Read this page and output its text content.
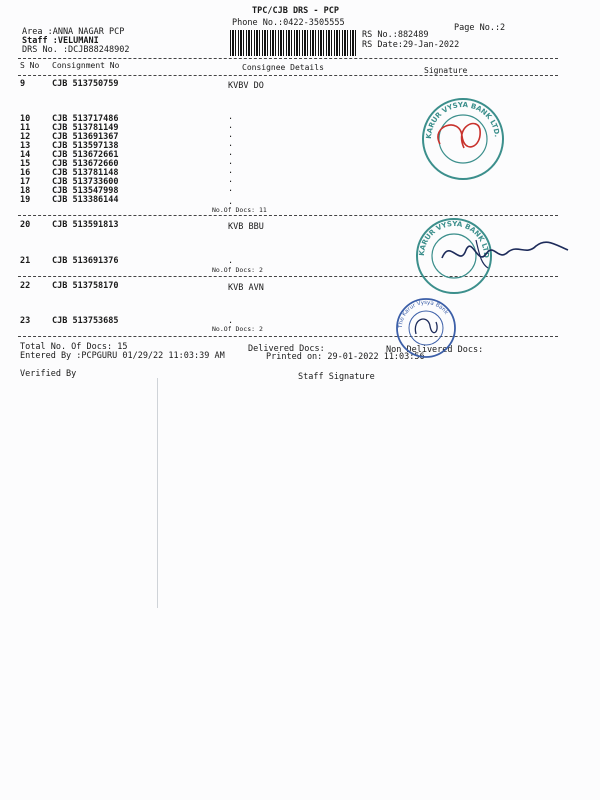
TPC/CJB DRS - PCP
Phone No.:0422-3505555	Page No.:2
Area :ANNA NAGAR PCP
Staff :VELUMANI
DRS No. :DCJB88248902
RS No.:882489
RS Date:29-Jan-2022
S No Consignment No	Consignee Details	Signature
9	CJB 513750759	KVBV DO
10	CJB 513717486	.
11	CJB 513781149	.
12	CJB 513691367	.
13	CJB 513597138	.
14	CJB 513672661	.
15	CJB 513672660	.
16	CJB 513781148	.
17	CJB 513733600	.
18	CJB 513547998	.
19	CJB 513386144	.
No.Of Docs: 11
20	CJB 513591813	KVB BBU
21	CJB 513691376	.
No.Of Docs: 2
22	CJB 513758170	KVB AVN
23	CJB 513753685	.
No.Of Docs: 2
Total No. Of Docs: 15	Delivered Docs:	Non Delivered Docs:
Entered By :PCPGURU 01/29/22 11:03:39 AM	Printed on: 29-01-2022 11:03:56
Verified By	Staff Signature
KARUR VYSYA BANK LTD.
KARUR VYSYA BANK LTD
The Karur Vysya Bank
